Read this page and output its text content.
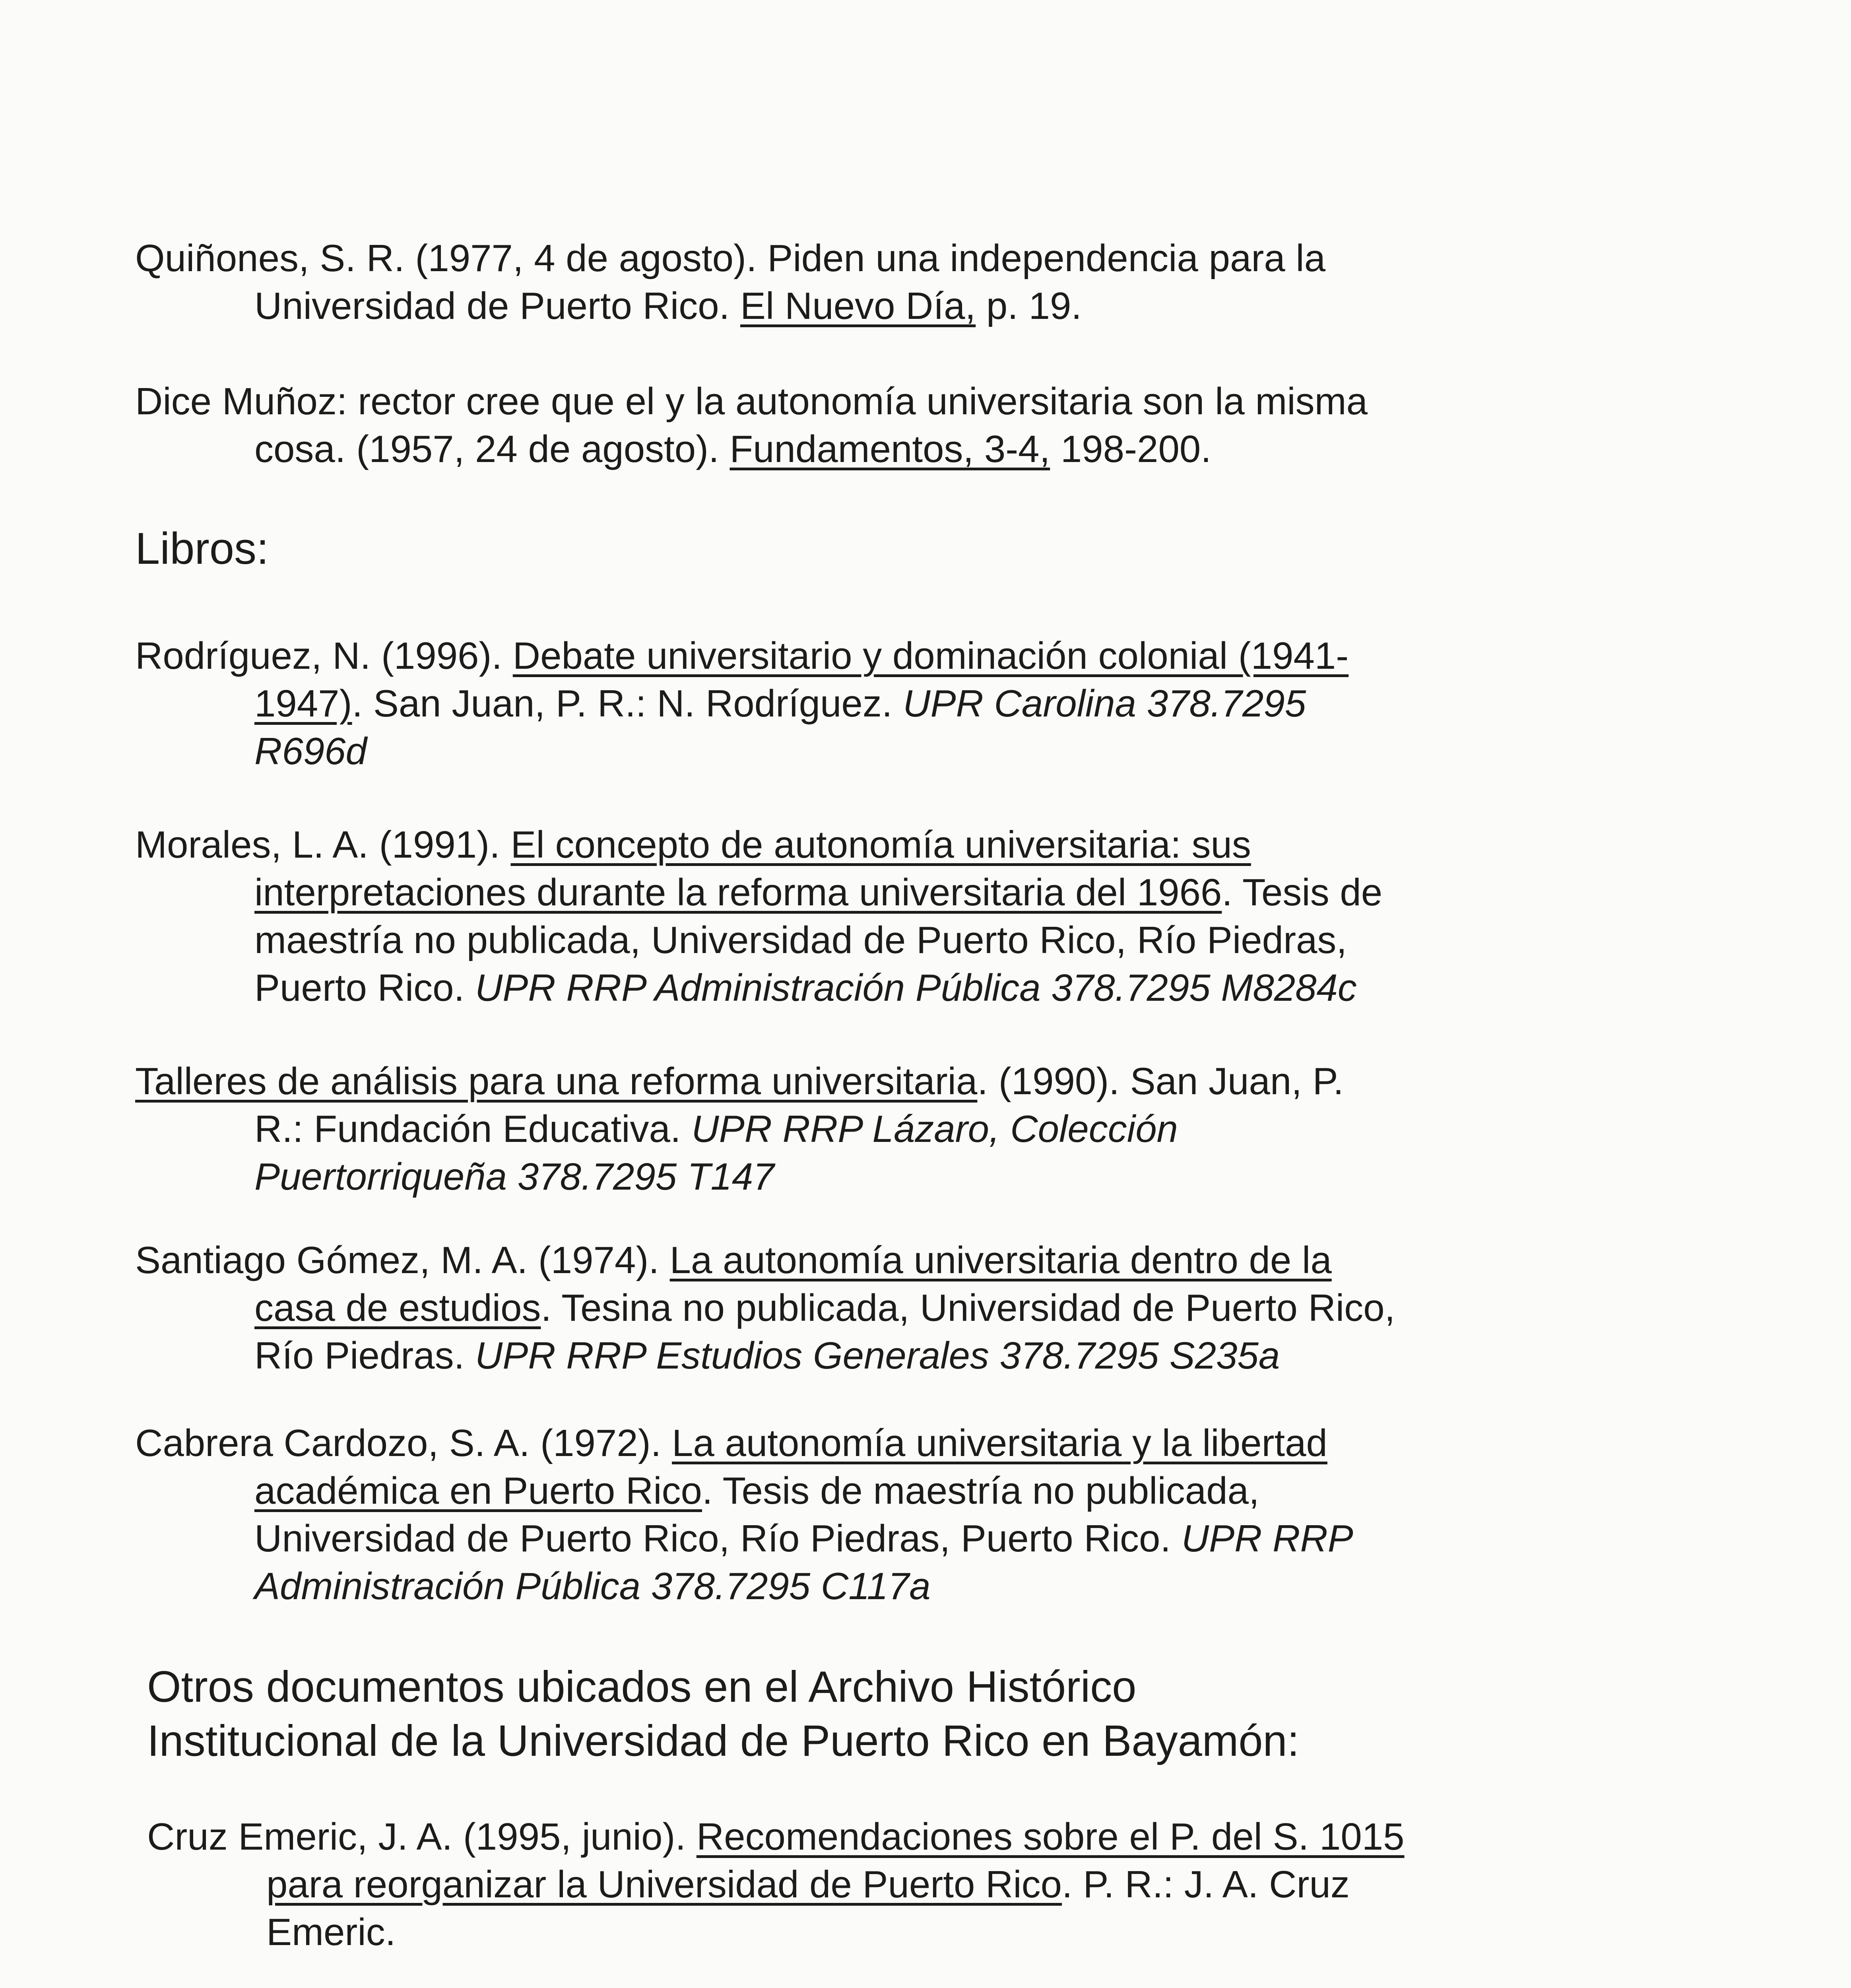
Quiñones, S. R. (1977, 4 de agosto). Piden una independencia para la
Universidad de Puerto Rico. El Nuevo Día, p. 19.
Dice Muñoz: rector cree que el y la autonomía universitaria son la misma
cosa. (1957, 24 de agosto). Fundamentos, 3-4, 198-200.
Libros:
Rodríguez, N. (1996). Debate universitario y dominación colonial (1941-
1947). San Juan, P. R.: N. Rodríguez. UPR Carolina 378.7295
R696d
Morales, L. A. (1991). El concepto de autonomía universitaria: sus
interpretaciones durante la reforma universitaria del 1966. Tesis de
maestría no publicada, Universidad de Puerto Rico, Río Piedras,
Puerto Rico. UPR RRP Administración Pública 378.7295 M8284c
Talleres de análisis para una reforma universitaria. (1990). San Juan, P.
R.: Fundación Educativa. UPR RRP Lázaro, Colección
Puertorriqueña 378.7295 T147
Santiago Gómez, M. A. (1974). La autonomía universitaria dentro de la
casa de estudios. Tesina no publicada, Universidad de Puerto Rico,
Río Piedras. UPR RRP Estudios Generales 378.7295 S235a
Cabrera Cardozo, S. A. (1972). La autonomía universitaria y la libertad
académica en Puerto Rico. Tesis de maestría no publicada,
Universidad de Puerto Rico, Río Piedras, Puerto Rico. UPR RRP
Administración Pública 378.7295 C117a
Otros documentos ubicados en el Archivo Histórico
Institucional de la Universidad de Puerto Rico en Bayamón:
Cruz Emeric, J. A. (1995, junio). Recomendaciones sobre el P. del S. 1015
para reorganizar la Universidad de Puerto Rico. P. R.: J. A. Cruz
Emeric.
